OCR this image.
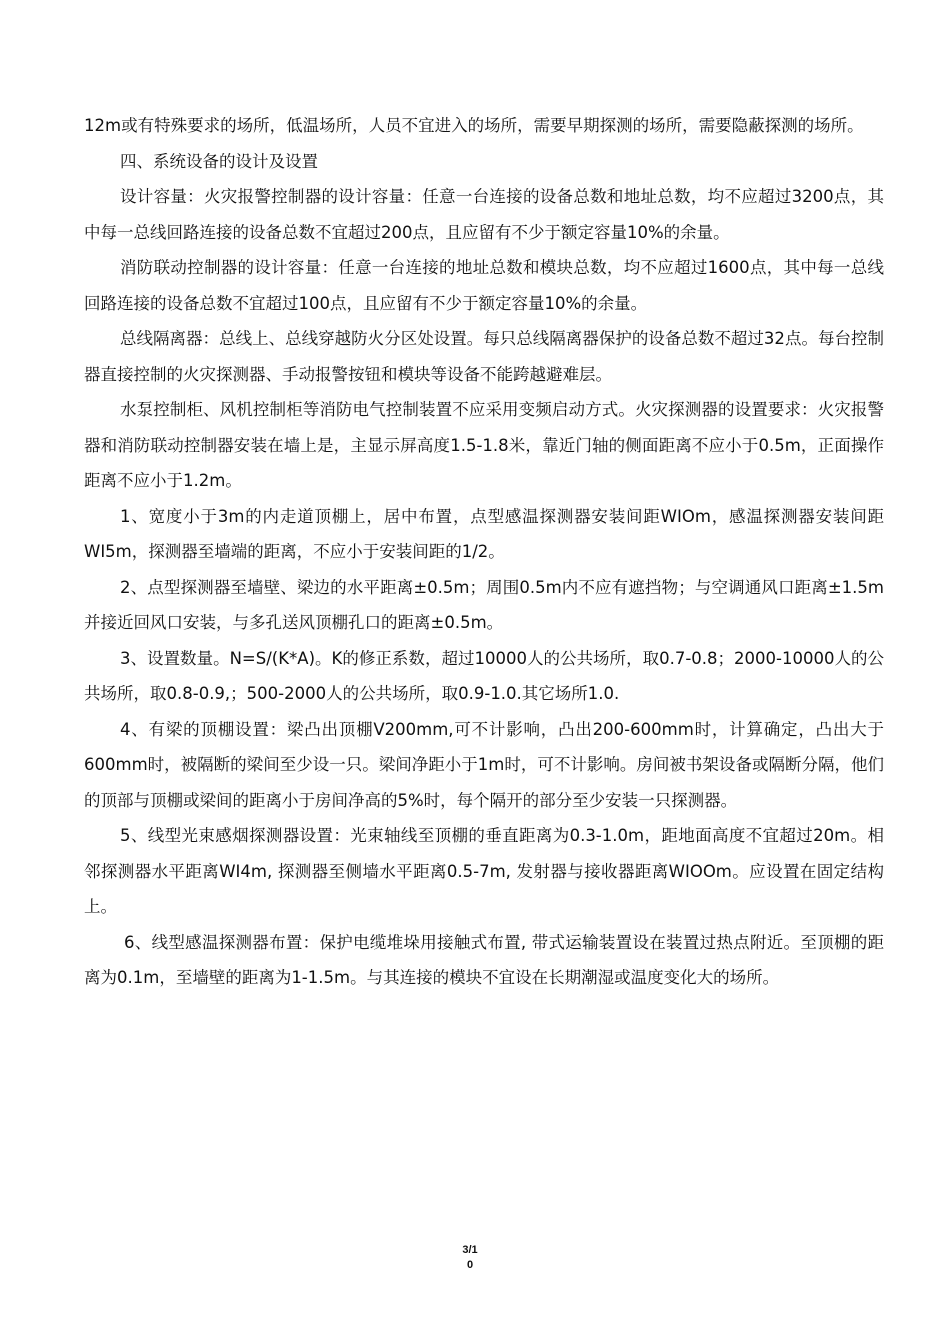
12m或有特殊要求的场所，低温场所，人员不宜进入的场所，需要早期探测的场所，需要隐蔽探测的场所。

四、系统设备的设计及设置

设计容量：火灾报警控制器的设计容量：任意一台连接的设备总数和地址总数，均不应超过3200点，其中每一总线回路连接的设备总数不宜超过200点，且应留有不少于额定容量10%的余量。

消防联动控制器的设计容量：任意一台连接的地址总数和模块总数，均不应超过1600点，其中每一总线回路连接的设备总数不宜超过100点，且应留有不少于额定容量10%的余量。

总线隔离器：总线上、总线穿越防火分区处设置。每只总线隔离器保护的设备总数不超过32点。每台控制器直接控制的火灾探测器、手动报警按钮和模块等设备不能跨越避难层。

水泵控制柜、风机控制柜等消防电气控制装置不应采用变频启动方式。火灾探测器的设置要求：火灾报警器和消防联动控制器安装在墙上是，主显示屏高度1.5-1.8米，靠近门轴的侧面距离不应小于0.5m，正面操作距离不应小于1.2m。

1、宽度小于3m的内走道顶棚上，居中布置，点型感温探测器安装间距WIOm，感温探测器安装间距WI5m，探测器至墙端的距离，不应小于安装间距的1/2。

2、点型探测器至墙壁、梁边的水平距离±0.5m；周围0.5m内不应有遮挡物；与空调通风口距离±1.5m并接近回风口安装，与多孔送风顶棚孔口的距离±0.5m。

3、设置数量。N=S/(K*A)。K的修正系数，超过10000人的公共场所，取0.7-0.8；2000-10000人的公共场所，取0.8-0.9,；500-2000人的公共场所，取0.9-1.0.其它场所1.0.

4、有梁的顶棚设置：梁凸出顶棚V200mm,可不计影响，凸出200-600mm时，计算确定，凸出大于600mm时，被隔断的梁间至少设一只。梁间净距小于1m时，可不计影响。房间被书架设备或隔断分隔，他们的顶部与顶棚或梁间的距离小于房间净高的5%时，每个隔开的部分至少安装一只探测器。

5、线型光束感烟探测器设置：光束轴线至顶棚的垂直距离为0.3-1.0m，距地面高度不宜超过20m。相邻探测器水平距离WI4m, 探测器至侧墙水平距离0.5-7m, 发射器与接收器距离WIOOm。应设置在固定结构上。

6、线型感温探测器布置：保护电缆堆垛用接触式布置, 带式运输装置设在装置过热点附近。至顶棚的距离为0.1m，至墙壁的距离为1-1.5m。与其连接的模块不宜设在长期潮湿或温度变化大的场所。

3/1
0
